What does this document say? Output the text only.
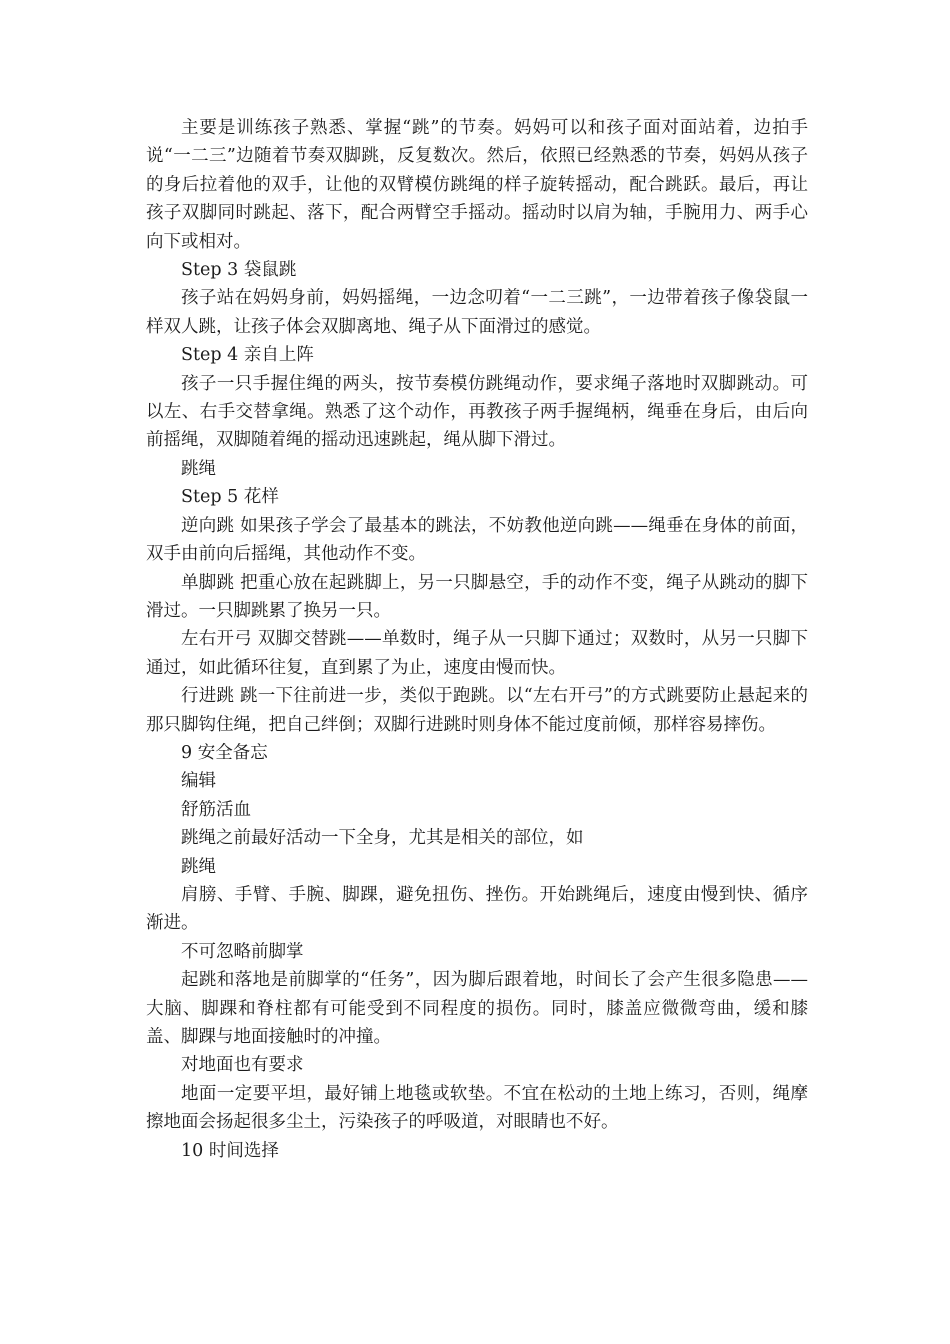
主要是训练孩子熟悉、掌握“跳”的节奏。妈妈可以和孩子面对面站着，边拍手说“一二三”边随着节奏双脚跳，反复数次。然后，依照已经熟悉的节奏，妈妈从孩子的身后拉着他的双手，让他的双臂模仿跳绳的样子旋转摇动，配合跳跃。最后，再让孩子双脚同时跳起、落下，配合两臂空手摇动。摇动时以肩为轴，手腕用力、两手心向下或相对。

Step 3 袋鼠跳

孩子站在妈妈身前，妈妈摇绳，一边念叨着“一二三跳”，一边带着孩子像袋鼠一样双人跳，让孩子体会双脚离地、绳子从下面滑过的感觉。

Step 4 亲自上阵

孩子一只手握住绳的两头，按节奏模仿跳绳动作，要求绳子落地时双脚跳动。可以左、右手交替拿绳。熟悉了这个动作，再教孩子两手握绳柄，绳垂在身后，由后向前摇绳，双脚随着绳的摇动迅速跳起，绳从脚下滑过。

跳绳

Step 5 花样

逆向跳 如果孩子学会了最基本的跳法，不妨教他逆向跳——绳垂在身体的前面，双手由前向后摇绳，其他动作不变。

单脚跳 把重心放在起跳脚上，另一只脚悬空，手的动作不变，绳子从跳动的脚下滑过。一只脚跳累了换另一只。

左右开弓 双脚交替跳——单数时，绳子从一只脚下通过；双数时，从另一只脚下通过，如此循环往复，直到累了为止，速度由慢而快。

行进跳 跳一下往前进一步，类似于跑跳。以“左右开弓”的方式跳要防止悬起来的那只脚钩住绳，把自己绊倒；双脚行进跳时则身体不能过度前倾，那样容易摔伤。

9 安全备忘

编辑

舒筋活血

跳绳之前最好活动一下全身，尤其是相关的部位，如

跳绳

肩膀、手臂、手腕、脚踝，避免扭伤、挫伤。开始跳绳后，速度由慢到快、循序渐进。

不可忽略前脚掌

起跳和落地是前脚掌的“任务”，因为脚后跟着地，时间长了会产生很多隐患——大脑、脚踝和脊柱都有可能受到不同程度的损伤。同时，膝盖应微微弯曲，缓和膝盖、脚踝与地面接触时的冲撞。

对地面也有要求

地面一定要平坦，最好铺上地毯或软垫。不宜在松动的土地上练习，否则，绳摩擦地面会扬起很多尘土，污染孩子的呼吸道，对眼睛也不好。

10 时间选择
